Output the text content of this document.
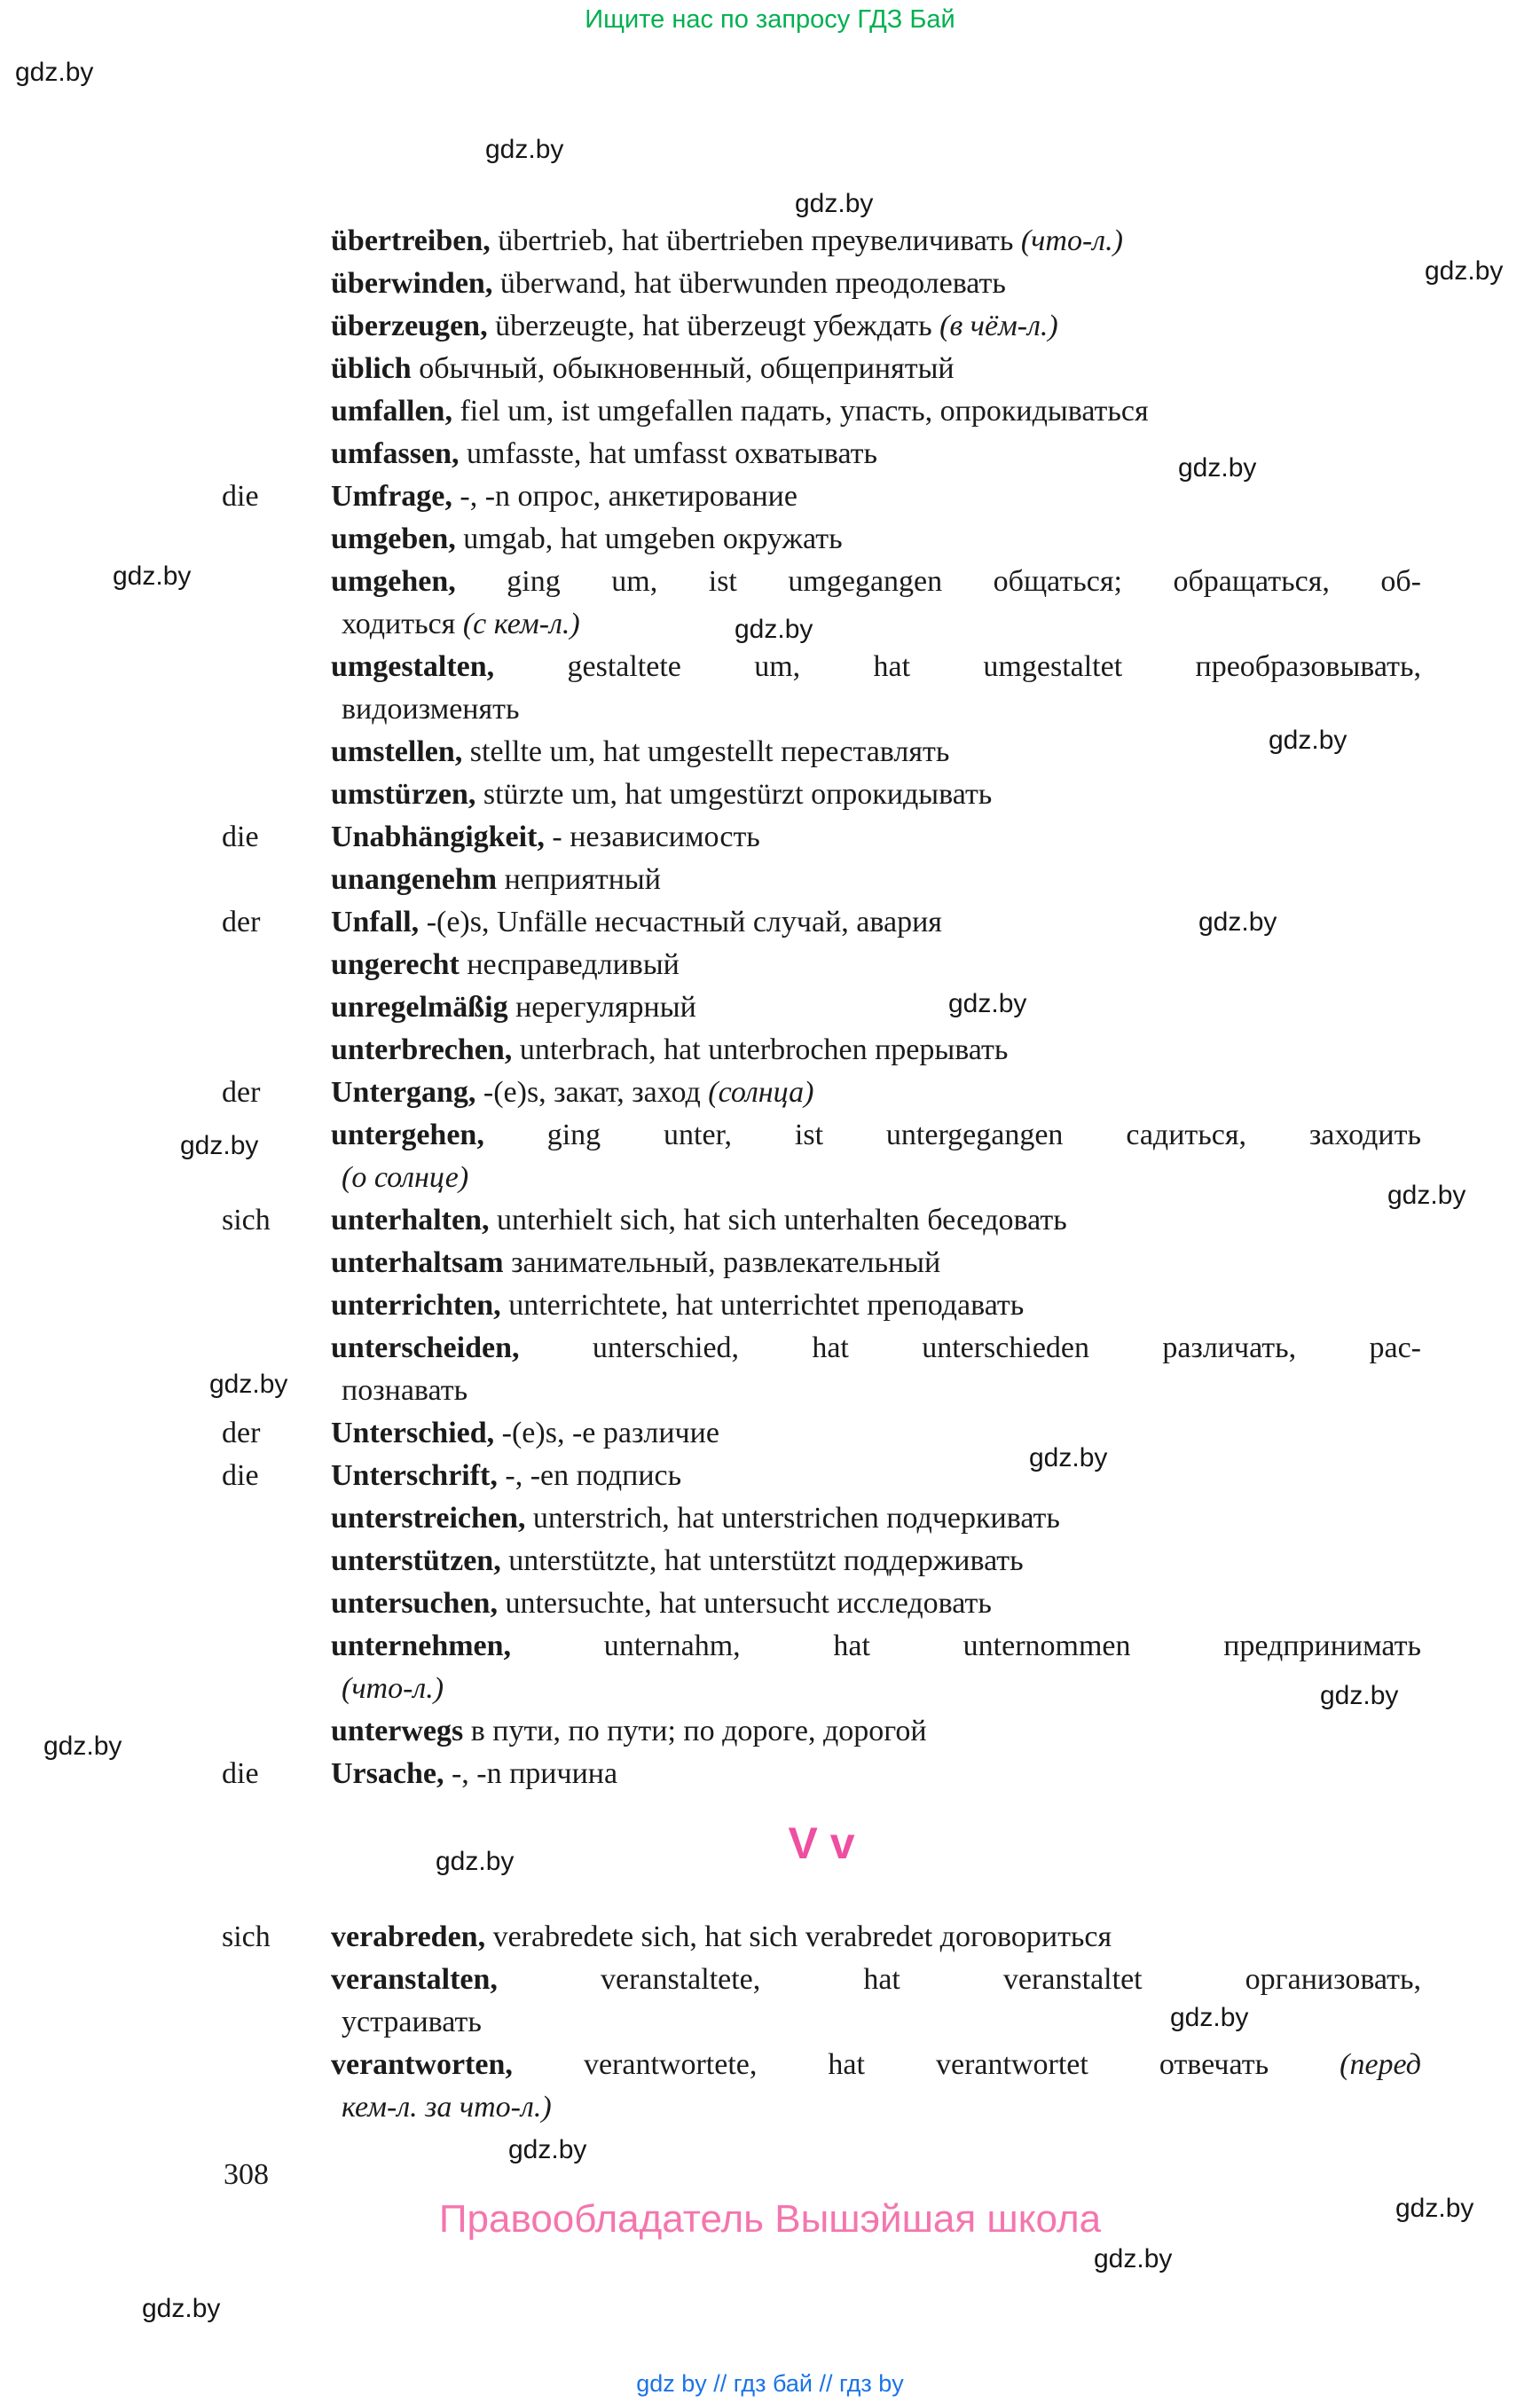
Ищите нас по запросу ГДЗ Бай
gdz.by
gdz.by
gdz.by
gdz.by
gdz.by
gdz.by
gdz.by
gdz.by
gdz.by
gdz.by
gdz.by
gdz.by
gdz.by
gdz.by
gdz.by
gdz.by
gdz.by
gdz.by
gdz.by
gdz.by
gdz.by
gdz.by
übertreiben, übertrieb, hat übertrieben преувеличивать (что-л.)
überwinden, überwand, hat überwunden преодолевать
überzeugen, überzeugte, hat überzeugt убеждать (в чём-л.)
üblich обычный, обыкновенный, общепринятый
umfallen, fiel um, ist umgefallen падать, упасть, опрокидываться
umfassen, umfasste, hat umfasst охватывать
die	Umfrage, -, -n опрос, анкетирование
umgeben, umgab, hat umgeben окружать
umgehen, ging um, ist umgegangen общаться; обращаться, об-
ходиться (с кем-л.)
umgestalten, gestaltete um, hat umgestaltet преобразовывать,
видоизменять
umstellen, stellte um, hat umgestellt переставлять
umstürzen, stürzte um, hat umgestürzt опрокидывать
die	Unabhängigkeit, - независимость
unangenehm неприятный
der	Unfall, -(e)s, Unfälle несчастный случай, авария
ungerecht несправедливый
unregelmäßig нерегулярный
unterbrechen, unterbrach, hat unterbrochen прерывать
der	Untergang, -(e)s, закат, заход (солнца)
untergehen, ging unter, ist untergegangen садиться, заходить
(о солнце)
sich	unterhalten, unterhielt sich, hat sich unterhalten беседовать
unterhaltsam занимательный, развлекательный
unterrichten, unterrichtete, hat unterrichtet преподавать
unterscheiden, unterschied, hat unterschieden различать, рас-
познавать
der	Unterschied, -(e)s, -e различие
die	Unterschrift, -, -en подпись
unterstreichen, unterstrich, hat unterstrichen подчеркивать
unterstützen, unterstützte, hat unterstützt поддерживать
untersuchen, untersuchte, hat untersucht исследовать
unternehmen, unternahm, hat unternommen предпринимать
(что-л.)
unterwegs в пути, по пути; по дороге, дорогой
die	Ursache, -, -n причина
V v
sich	verabreden, verabredete sich, hat sich verabredet договориться
veranstalten, veranstaltete, hat veranstaltet организовать,
устраивать
verantworten, verantwortete, hat verantwortet отвечать (перед
кем-л. за что-л.)
308
Правообладатель Вышэйшая школа
gdz by // гдз бай // гдз by
